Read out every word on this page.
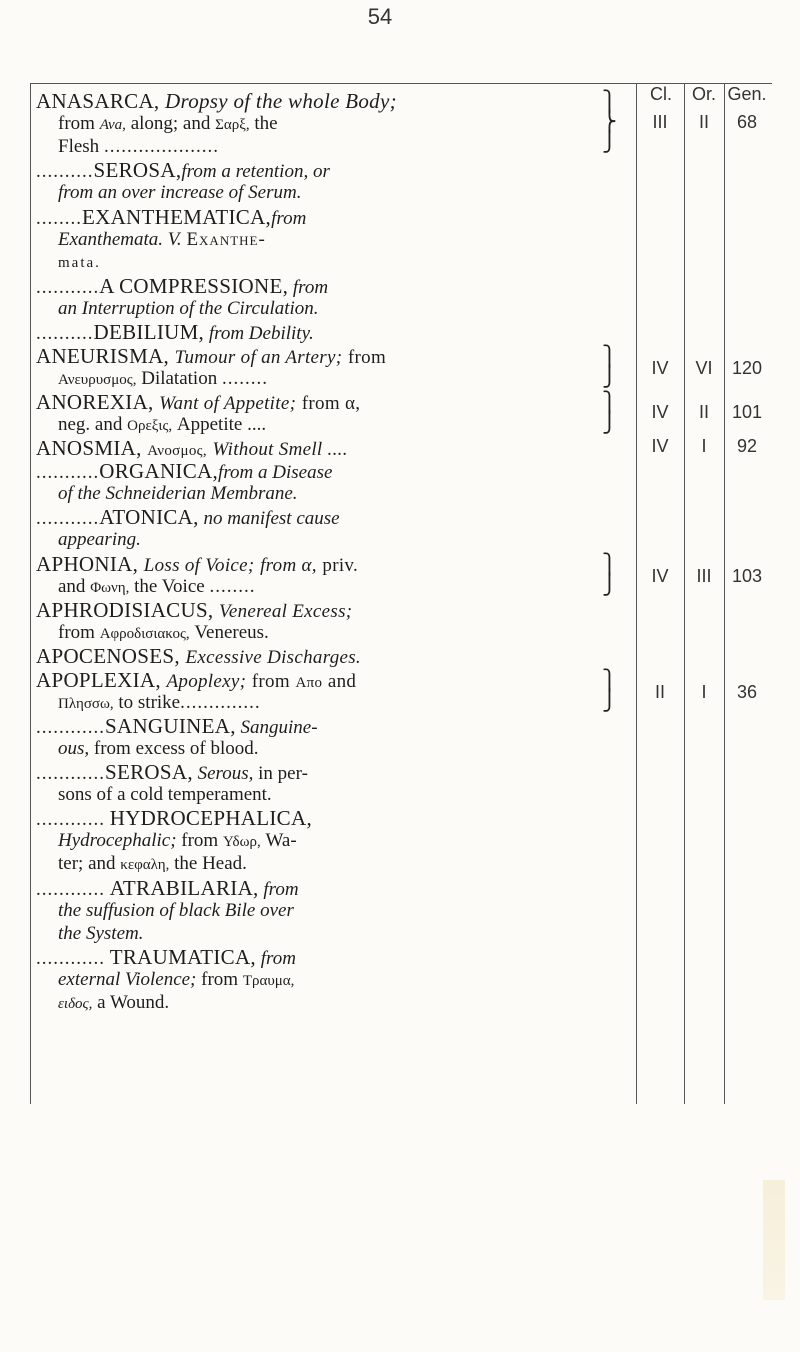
54
Cl.	Or. Gen.
ANASARCA, Dropsy of the whole Body;
from Ava, along; and Σαρξ, the
Flesh ....................
⎫
⎬
⎭
III	II	68
..........SEROSA,from a retention, or
from an over increase of Serum.
........EXANTHEMATICA,from
Exanthemata. V. Exanthe-
mata.
...........A COMPRESSIONE, from
an Interruption of the Circulation.
..........DEBILIUM, from Debility.
ANEURISMA, Tumour of an Artery; from
Ανευρυσμος, Dilatation ........
⎫
⎭	IV	VI	120
ANOREXIA, Want of Appetite; from α,
neg. and Ορεξις, Appetite ....
⎫
⎭	IV	II	101
ANOSMIA, Ανοσμος, Without Smell ....	IV	I	92
...........ORGANICA,from a Disease
of the Schneiderian Membrane.
...........ATONICA, no manifest cause
appearing.
APHONIA, Loss of Voice; from α, priv.
and Φωνη, the Voice ........
⎫
⎭	IV	III	103
APHRODISIACUS, Venereal Excess;
from Αφροδισιακος, Venereus.
APOCENOSES, Excessive Discharges.
APOPLEXIA, Apoplexy; from Απο and
Πλησσω, to strike..............
⎫
⎭	II	I	36
............SANGUINEA, Sanguine-
ous, from excess of blood.
............SEROSA, Serous, in per-
sons of a cold temperament.
............ HYDROCEPHALICA,
Hydrocephalic; from Υδωρ, Wa-
ter; and κεφαλη, the Head.
............ ATRABILARIA, from
the suffusion of black Bile over
the System.
............ TRAUMATICA, from
external Violence; from Τραυμα,
ειδος, a Wound.
